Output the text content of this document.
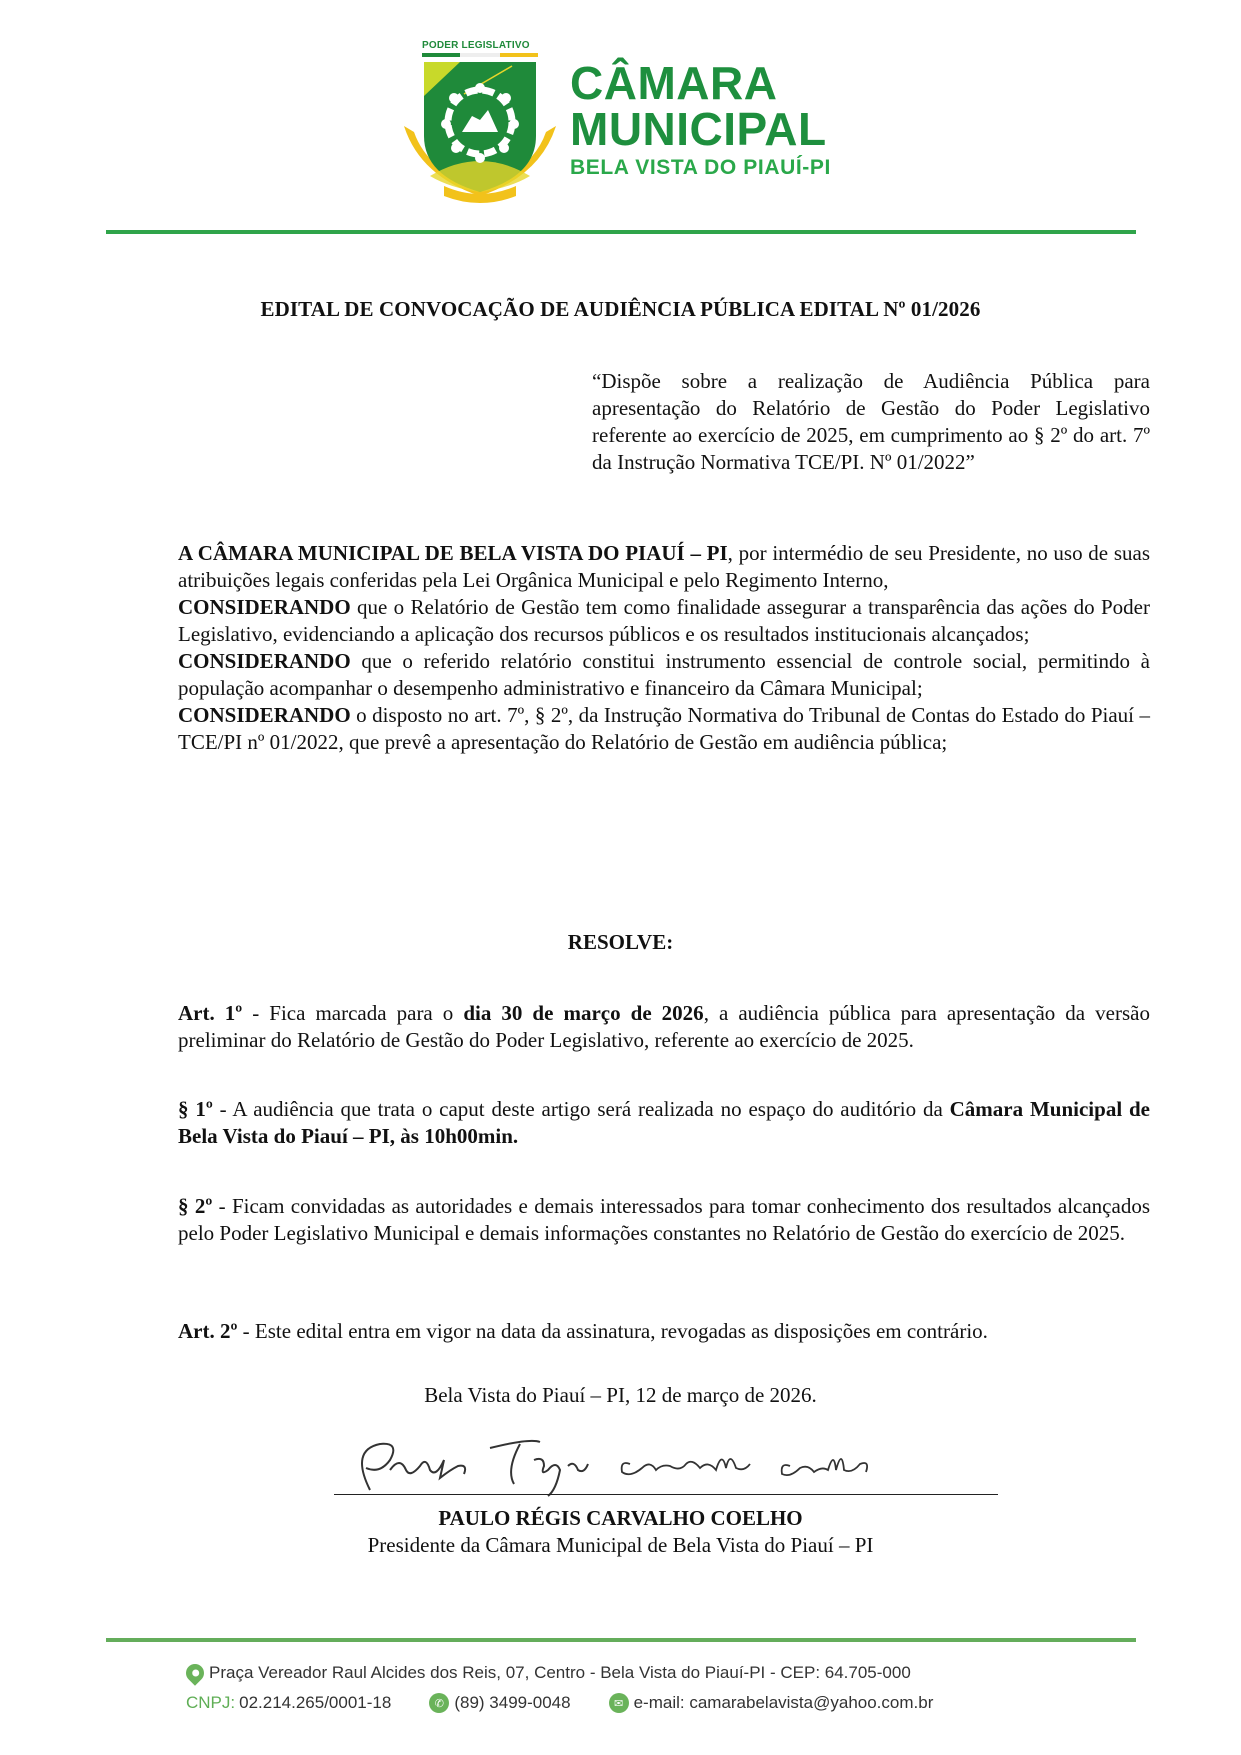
PODER LEGISLATIVO
CÂMARA
MUNICIPAL
BELA VISTA DO PIAUÍ-PI
EDITAL DE CONVOCAÇÃO DE AUDIÊNCIA PÚBLICA EDITAL Nº 01/2026
“Dispõe sobre a realização de Audiência Pública para apresentação do Relatório de Gestão do Poder Legislativo referente ao exercício de 2025, em cumprimento ao § 2º do art. 7º da Instrução Normativa TCE/PI. Nº 01/2022”

A CÂMARA MUNICIPAL DE BELA VISTA DO PIAUÍ – PI, por intermédio de seu Presidente, no uso de suas atribuições legais conferidas pela Lei Orgânica Municipal e pelo Regimento Interno,

CONSIDERANDO que o Relatório de Gestão tem como finalidade assegurar a transparência das ações do Poder Legislativo, evidenciando a aplicação dos recursos públicos e os resultados institucionais alcançados;

CONSIDERANDO que o referido relatório constitui instrumento essencial de controle social, permitindo à população acompanhar o desempenho administrativo e financeiro da Câmara Municipal;

CONSIDERANDO o disposto no art. 7º, § 2º, da Instrução Normativa do Tribunal de Contas do Estado do Piauí – TCE/PI nº 01/2022, que prevê a apresentação do Relatório de Gestão em audiência pública;

RESOLVE:

Art. 1º - Fica marcada para o dia 30 de março de 2026, a audiência pública para apresentação da versão preliminar do Relatório de Gestão do Poder Legislativo, referente ao exercício de 2025.

§ 1º - A audiência que trata o caput deste artigo será realizada no espaço do auditório da Câmara Municipal de Bela Vista do Piauí – PI, às 10h00min.

§ 2º - Ficam convidadas as autoridades e demais interessados para tomar conhecimento dos resultados alcançados pelo Poder Legislativo Municipal e demais informações constantes no Relatório de Gestão do exercício de 2025.

Art. 2º - Este edital entra em vigor na data da assinatura, revogadas as disposições em contrário.

Bela Vista do Piauí – PI, 12 de março de 2026.
PAULO RÉGIS CARVALHO COELHO
Presidente da Câmara Municipal de Bela Vista do Piauí – PI
Praça Vereador Raul Alcides dos Reis, 07, Centro - Bela Vista do Piauí-PI - CEP: 64.705-000
CNPJ: 02.214.265/0001-18	✆ (89) 3499-0048	✉ e-mail: camarabelavista@yahoo.com.br
